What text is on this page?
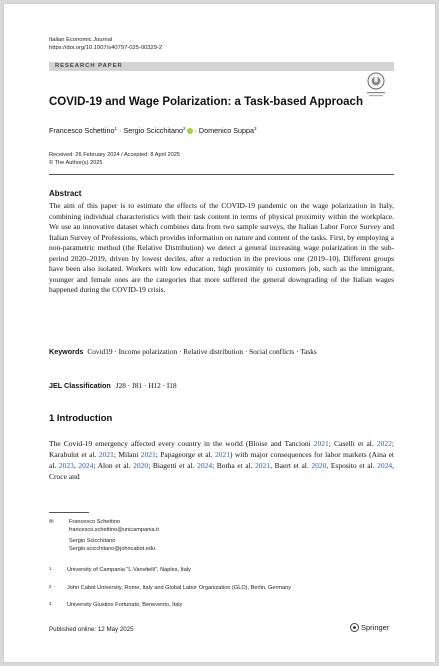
Italian Economic Journal
https://doi.org/10.1007/s40797-025-00329-2
RESEARCH PAPER
COVID-19 and Wage Polarization: a Task-based Approach
Francesco Schettino$^1$ · Sergio Scicchitano$^2$ · Domenico Suppa$^3$
Received: 26 February 2024 / Accepted: 8 April 2025
© The Author(s) 2025
Abstract
The aim of this paper is to estimate the effects of the COVID-19 pandemic on the wage polarization in Italy, combining individual characteristics with their task content in terms of physical proximity within the workplace. We use an innovative dataset which combines data from two sample surveys, the Italian Labor Force Survey and Italian Survey of Professions, which provides information on nature and content of the tasks. First, by employing a non-parametric method (the Relative Distribution) we detect a general increasing wage polarization in the sub-period 2020–2019, driven by lowest deciles, after a reduction in the previous one (2019–10). Different groups have been also isolated. Workers with low education, high proximity to customers job, such as the immigrant, younger and female ones are the categories that more suffered the general downgrading of the Italian wages happened during the COVID-19 crisis.
Keywords Covid19 · Income polarization · Relative distribution · Social conflicts · Tasks
JEL Classification J28 · J81 · H12 · I18
1 Introduction
The Covid-19 emergency affected every country in the world (Bloise and Tancioni 2021; Caselli et al. 2022; Karabulut et al. 2021; Milani 2021; Papageorge et al. 2021) with major consequences for labor markets (Aina et al. 2023, 2024; Alon et al. 2020; Biagetti et al. 2024; Botha et al. 2021, Baert et al. 2020, Esposito et al. 2024, Croce and
✉	Francesco Schettino
francesco.schettino@unicampania.it
Sergio Scicchitano
Sergio.scicchitano@johncabot.edu
1	University of Campania "L.Vanvitelli", Naples, Italy
2	John Cabot University, Rome, Italy and Global Labor Organization (GLO), Berlin, Germany
3	University Giustino Fortunato, Benevento, Italy
Published online: 12 May 2025	Springer
